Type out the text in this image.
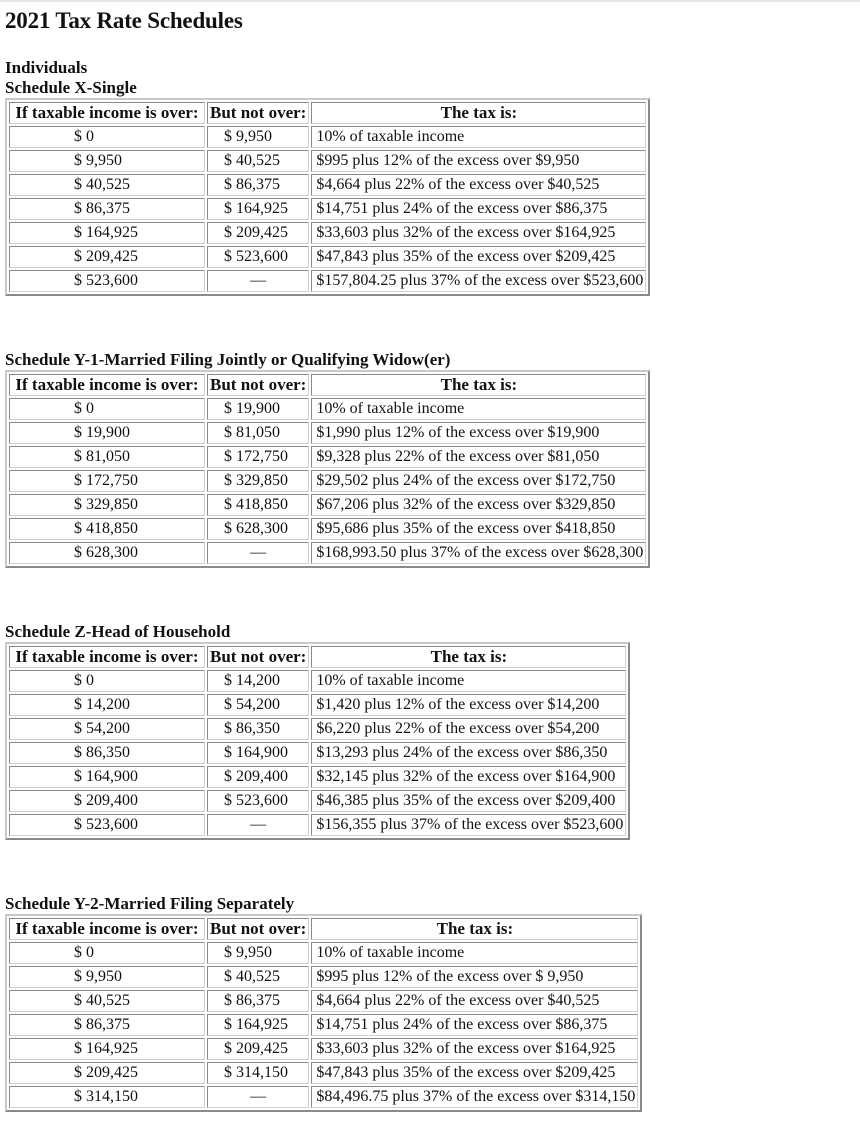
2021 Tax Rate Schedules

Individuals

Schedule X-Single

If taxable income is over:	But not over:	The tax is:

$ 0	$ 9,950	10% of taxable income

$ 9,950	$ 40,525	$995 plus 12% of the excess over $9,950

$ 40,525	$ 86,375	$4,664 plus 22% of the excess over $40,525

$ 86,375	$ 164,925	$14,751 plus 24% of the excess over $86,375

$ 164,925	$ 209,425	$33,603 plus 32% of the excess over $164,925

$ 209,425	$ 523,600	$47,843 plus 35% of the excess over $209,425

$ 523,600	—	$157,804.25 plus 37% of the excess over $523,600

Schedule Y-1-Married Filing Jointly or Qualifying Widow(er)

If taxable income is over:	But not over:	The tax is:

$ 0	$ 19,900	10% of taxable income

$ 19,900	$ 81,050	$1,990 plus 12% of the excess over $19,900

$ 81,050	$ 172,750	$9,328 plus 22% of the excess over $81,050

$ 172,750	$ 329,850	$29,502 plus 24% of the excess over $172,750

$ 329,850	$ 418,850	$67,206 plus 32% of the excess over $329,850

$ 418,850	$ 628,300	$95,686 plus 35% of the excess over $418,850

$ 628,300	—	$168,993.50 plus 37% of the excess over $628,300

Schedule Z-Head of Household

If taxable income is over:	But not over:	The tax is:

$ 0	$ 14,200	10% of taxable income

$ 14,200	$ 54,200	$1,420 plus 12% of the excess over $14,200

$ 54,200	$ 86,350	$6,220 plus 22% of the excess over $54,200

$ 86,350	$ 164,900	$13,293 plus 24% of the excess over $86,350

$ 164,900	$ 209,400	$32,145 plus 32% of the excess over $164,900

$ 209,400	$ 523,600	$46,385 plus 35% of the excess over $209,400

$ 523,600	—	$156,355 plus 37% of the excess over $523,600

Schedule Y-2-Married Filing Separately

If taxable income is over:	But not over:	The tax is:

$ 0	$ 9,950	10% of taxable income

$ 9,950	$ 40,525	$995 plus 12% of the excess over $ 9,950

$ 40,525	$ 86,375	$4,664 plus 22% of the excess over $40,525

$ 86,375	$ 164,925	$14,751 plus 24% of the excess over $86,375

$ 164,925	$ 209,425	$33,603 plus 32% of the excess over $164,925

$ 209,425	$ 314,150	$47,843 plus 35% of the excess over $209,425

$ 314,150	—	$84,496.75 plus 37% of the excess over $314,150
